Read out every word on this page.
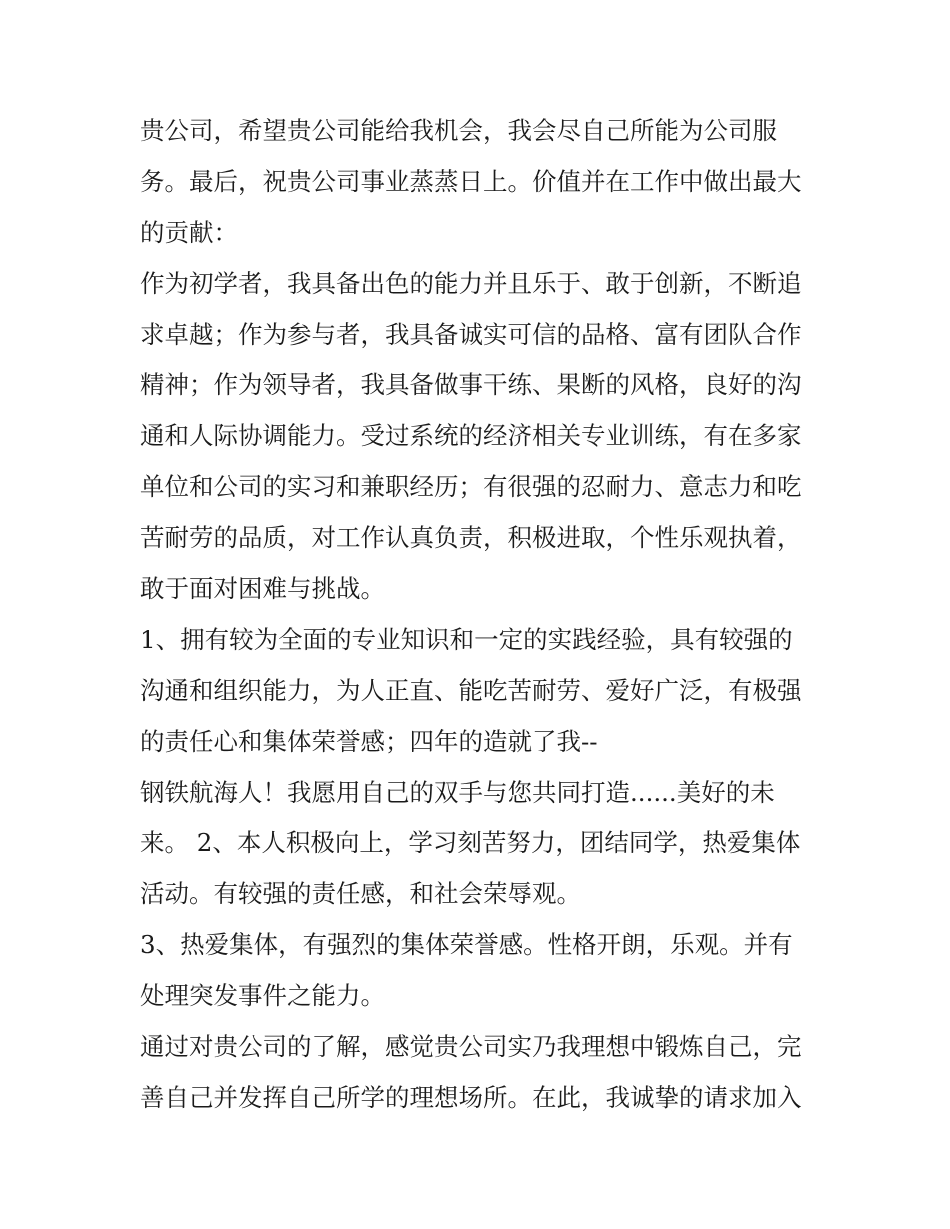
贵公司，希望贵公司能给我机会，我会尽自己所能为公司服
务。最后，祝贵公司事业蒸蒸日上。价值并在工作中做出最大
的贡献：
作为初学者，我具备出色的能力并且乐于、敢于创新，不断追
求卓越；作为参与者，我具备诚实可信的品格、富有团队合作
精神；作为领导者，我具备做事干练、果断的风格，良好的沟
通和人际协调能力。受过系统的经济相关专业训练，有在多家
单位和公司的实习和兼职经历；有很强的忍耐力、意志力和吃
苦耐劳的品质，对工作认真负责，积极进取，个性乐观执着，
敢于面对困难与挑战。
1、拥有较为全面的专业知识和一定的实践经验，具有较强的
沟通和组织能力，为人正直、能吃苦耐劳、爱好广泛，有极强
的责任心和集体荣誉感；四年的造就了我--
钢铁航海人！我愿用自己的双手与您共同打造......美好的未
来。 2、本人积极向上，学习刻苦努力，团结同学，热爱集体
活动。有较强的责任感，和社会荣辱观。
3、热爱集体，有强烈的集体荣誉感。性格开朗，乐观。并有
处理突发事件之能力。
通过对贵公司的了解，感觉贵公司实乃我理想中锻炼自己，完
善自己并发挥自己所学的理想场所。在此，我诚挚的请求加入
